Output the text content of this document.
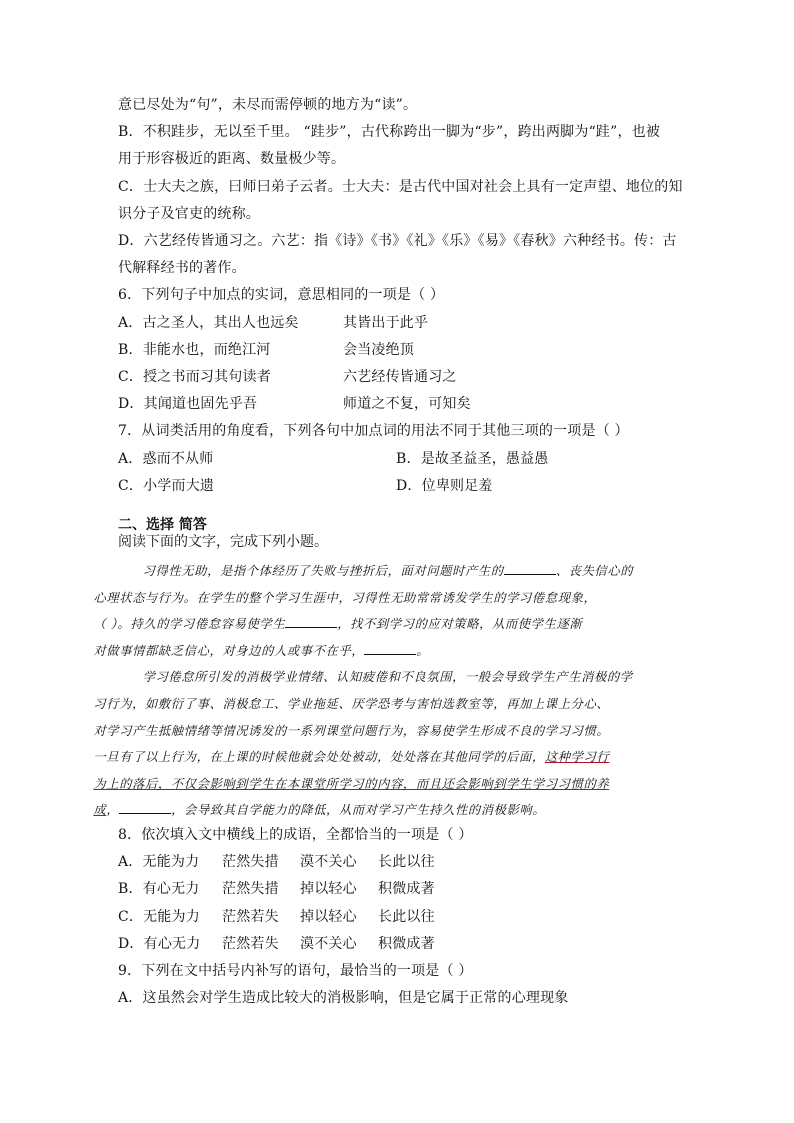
意已尽处为“句”，未尽而需停顿的地方为“读”。
B．不积跬步，无以至千里。 “跬步”，古代称跨出一脚为“步”，跨出两脚为“跬”，也被
用于形容极近的距离、数量极少等。
C．士大夫之族，曰师曰弟子云者。士大夫：是古代中国对社会上具有一定声望、地位的知
识分子及官吏的统称。
D．六艺经传皆通习之。六艺：指《诗》《书》《礼》《乐》《易》《春秋》六种经书。传：古
代解释经书的著作。
6．下列句子中加点的实词，意思相同的一项是（ ）
A．古之圣人，其出人也远矣	其皆出于此乎
B．非能水也，而绝江河	会当凌绝顶
C．授之书而习其句读者	六艺经传皆通习之
D．其闻道也固先乎吾	师道之不复，可知矣
7．从词类活用的角度看，下列各句中加点词的用法不同于其他三项的一项是（ ）
A．惑而不从师	B．是故圣益圣，愚益愚
C．小学而大遗	D．位卑则足羞
二、选择 简答
阅读下面的文字，完成下列小题。

习得性无助，是指个体经历了失败与挫折后，面对问题时产生的	、丧失信心的
心理状态与行为。在学生的整个学习生涯中，习得性无助常常诱发学生的学习倦怠现象，
（ ）。持久的学习倦怠容易使学生	，找不到学习的应对策略，从而使学生逐渐
对做事情都缺乏信心，对身边的人或事不在乎，	。

学习倦怠所引发的消极学业情绪、认知疲倦和不良氛围，一般会导致学生产生消极的学
习行为，如敷衍了事、消极怠工、学业拖延、厌学恐考与害怕选教室等，再加上课上分心、
对学习产生抵触情绪等情况诱发的一系列课堂问题行为，容易使学生形成不良的学习习惯。
一旦有了以上行为，在上课的时候他就会处处被动，处处落在其他同学的后面，这种学习行
为上的落后，不仅会影响到学生在本课堂所学习的内容，而且还会影响到学生学习习惯的养
成，	，会导致其自学能力的降低，从而对学习产生持久性的消极影响。

8．依次填入文中横线上的成语，全都恰当的一项是（ ）
A．无能为力 茫然失措 漠不关心 长此以往
B．有心无力 茫然失措 掉以轻心 积微成著
C．无能为力 茫然若失 掉以轻心 长此以往
D．有心无力 茫然若失 漠不关心 积微成著
9．下列在文中括号内补写的语句，最恰当的一项是（ ）
A．这虽然会对学生造成比较大的消极影响，但是它属于正常的心理现象
